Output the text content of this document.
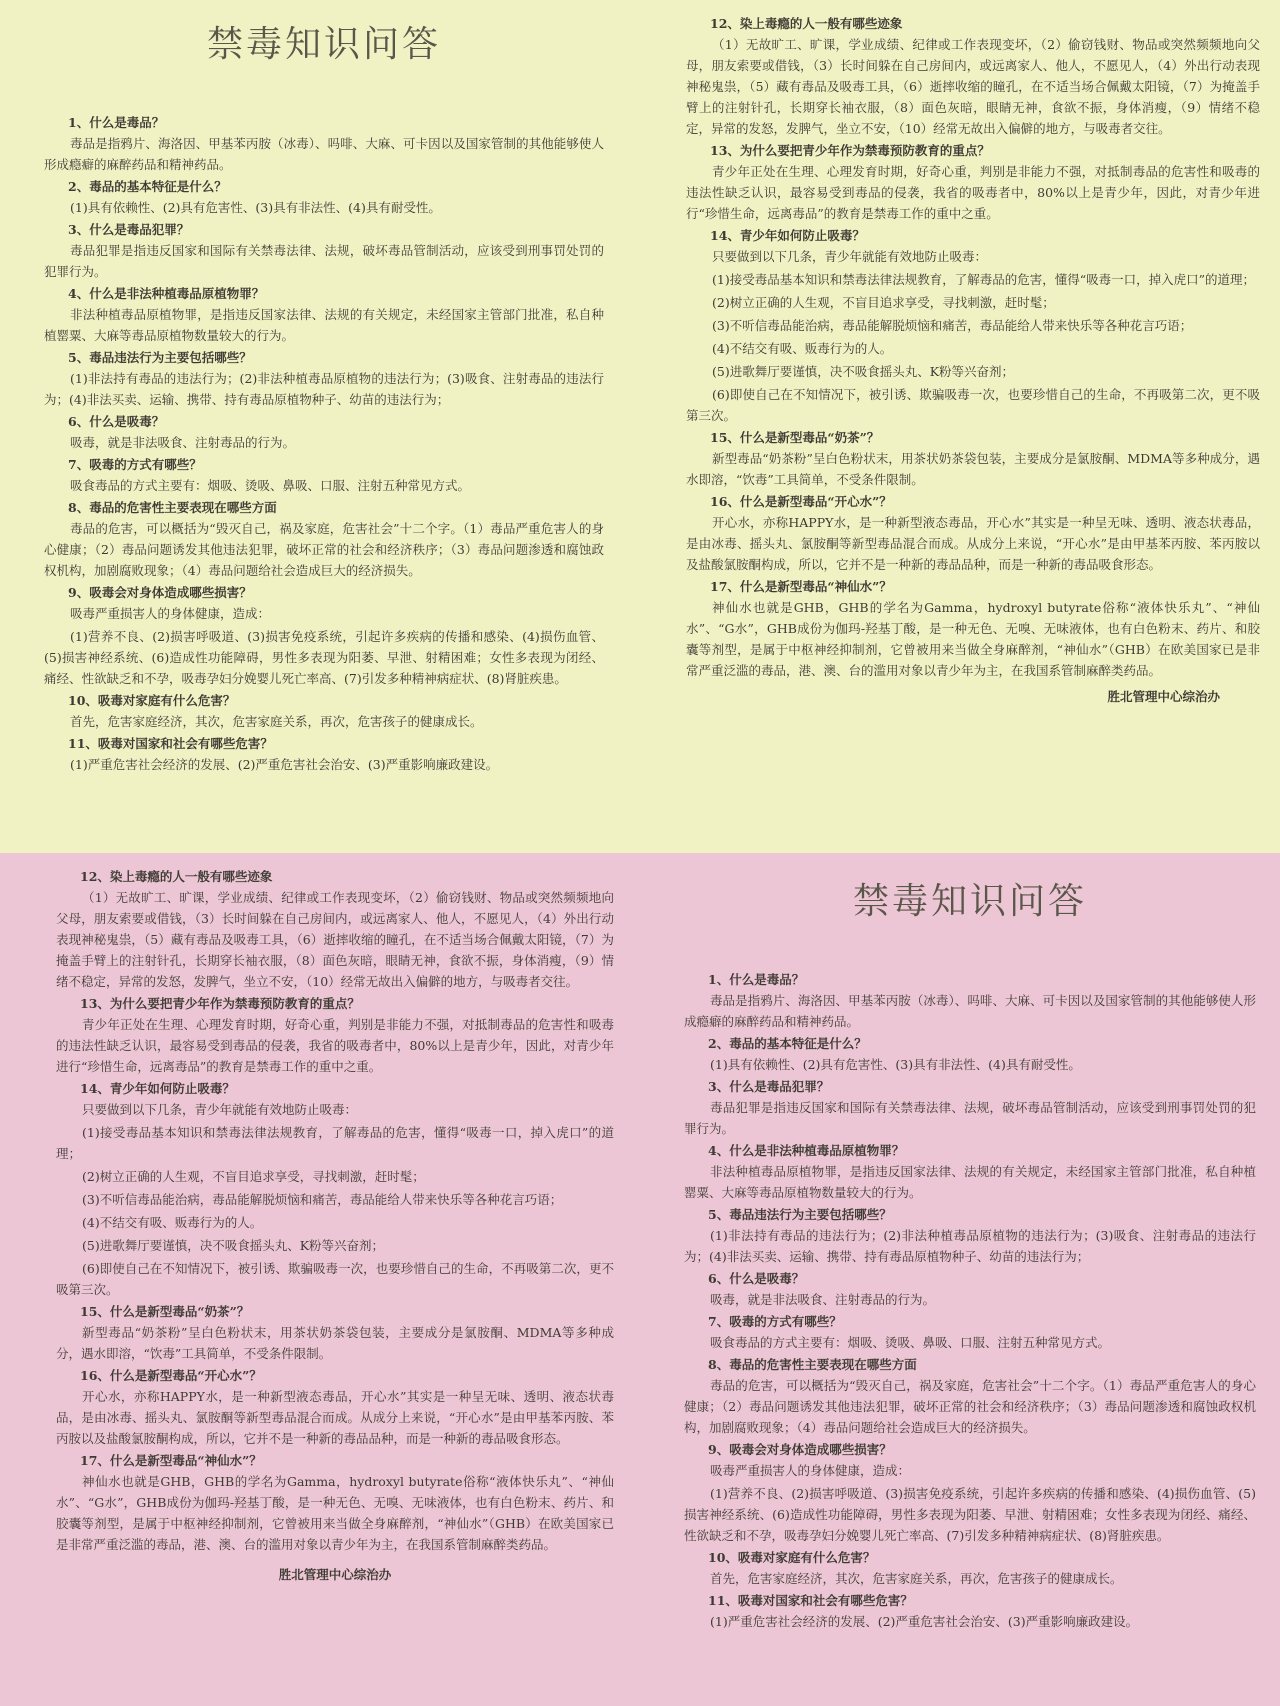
禁毒知识问答

1、什么是毒品？

毒品是指鸦片、海洛因、甲基苯丙胺（冰毒）、吗啡、大麻、可卡因以及国家管制的其他能够使人形成瘾癖的麻醉药品和精神药品。

2、毒品的基本特征是什么？

(1)具有依赖性、(2)具有危害性、(3)具有非法性、(4)具有耐受性。

3、什么是毒品犯罪？

毒品犯罪是指违反国家和国际有关禁毒法律、法规，破坏毒品管制活动，应该受到刑事罚处罚的犯罪行为。

4、什么是非法种植毒品原植物罪？

非法种植毒品原植物罪，是指违反国家法律、法规的有关规定，未经国家主管部门批准，私自种植罂粟、大麻等毒品原植物数量较大的行为。

5、毒品违法行为主要包括哪些？

(1)非法持有毒品的违法行为；(2)非法种植毒品原植物的违法行为；(3)吸食、注射毒品的违法行为；(4)非法买卖、运输、携带、持有毒品原植物种子、幼苗的违法行为；

6、什么是吸毒？

吸毒，就是非法吸食、注射毒品的行为。

7、吸毒的方式有哪些？

吸食毒品的方式主要有：烟吸、烫吸、鼻吸、口服、注射五种常见方式。

8、毒品的危害性主要表现在哪些方面

毒品的危害，可以概括为“毁灭自己，祸及家庭，危害社会”十二个字。（1）毒品严重危害人的身心健康；（2）毒品问题诱发其他违法犯罪，破坏正常的社会和经济秩序；（3）毒品问题渗透和腐蚀政权机构，加剧腐败现象；（4）毒品问题给社会造成巨大的经济损失。

9、吸毒会对身体造成哪些损害？

吸毒严重损害人的身体健康，造成：

(1)营养不良、(2)损害呼吸道、(3)损害免疫系统，引起许多疾病的传播和感染、(4)损伤血管、(5)损害神经系统、(6)造成性功能障碍，男性多表现为阳萎、早泄、射精困难；女性多表现为闭经、痛经、性欲缺乏和不孕，吸毒孕妇分娩婴儿死亡率高、(7)引发多种精神病症状、(8)肾脏疾患。

10、吸毒对家庭有什么危害？

首先，危害家庭经济，其次，危害家庭关系，再次，危害孩子的健康成长。

11、吸毒对国家和社会有哪些危害？

(1)严重危害社会经济的发展、(2)严重危害社会治安、(3)严重影响廉政建设。

12、染上毒瘾的人一般有哪些迹象

（1）无故旷工、旷课，学业成绩、纪律或工作表现变坏，（2）偷窃钱财、物品或突然频频地向父母，朋友索要或借钱，（3）长时间躲在自己房间内，或远离家人、他人，不愿见人，（4）外出行动表现神秘鬼祟，（5）藏有毒品及吸毒工具，（6）逝摔收缩的瞳孔，在不适当场合佩戴太阳镜，（7）为掩盖手臂上的注射针孔，长期穿长袖衣服，（8）面色灰暗，眼睛无神，食欲不振，身体消瘦，（9）情绪不稳定，异常的发怒，发脾气，坐立不安，（10）经常无故出入偏僻的地方，与吸毒者交往。

13、为什么要把青少年作为禁毒预防教育的重点？

青少年正处在生理、心理发育时期，好奇心重，判别是非能力不强，对抵制毒品的危害性和吸毒的违法性缺乏认识，最容易受到毒品的侵袭，我省的吸毒者中，80%以上是青少年，因此，对青少年进行“珍惜生命，远离毒品”的教育是禁毒工作的重中之重。

14、青少年如何防止吸毒？

只要做到以下几条，青少年就能有效地防止吸毒：

(1)接受毒品基本知识和禁毒法律法规教育，了解毒品的危害，懂得“吸毒一口，掉入虎口”的道理；

(2)树立正确的人生观，不盲目追求享受，寻找刺激，赶时髦；

(3)不听信毒品能治病，毒品能解脱烦恼和痛苦，毒品能给人带来快乐等各种花言巧语；

(4)不结交有吸、贩毒行为的人。

(5)进歌舞厅要谨慎，决不吸食摇头丸、K粉等兴奋剂；

(6)即使自己在不知情况下，被引诱、欺骗吸毒一次，也要珍惜自己的生命，不再吸第二次，更不吸第三次。

15、什么是新型毒品“奶茶”？

新型毒品“奶茶粉”呈白色粉状末，用茶状奶茶袋包装，主要成分是氯胺酮、MDMA等多种成分，遇水即溶，“饮毒”工具简单，不受条件限制。

16、什么是新型毒品“开心水”？

开心水，亦称HAPPY水，是一种新型液态毒品，开心水”其实是一种呈无味、透明、液态状毒品，是由冰毒、摇头丸、氯胺酮等新型毒品混合而成。从成分上来说，“开心水”是由甲基苯丙胺、苯丙胺以及盐酸氯胺酮构成，所以，它并不是一种新的毒品品种，而是一种新的毒品吸食形态。

17、什么是新型毒品“神仙水”？

神仙水也就是GHB，GHB的学名为Gamma，hydroxyl butyrate俗称“液体快乐丸”、“神仙水”、“G水”，GHB成份为伽玛-羟基丁酸，是一种无色、无嗅、无味液体，也有白色粉末、药片、和胶囊等剂型，是属于中枢神经抑制剂，它曾被用来当做全身麻醉剂，“神仙水”（GHB）在欧美国家已是非常严重泛滥的毒品，港、澳、台的滥用对象以青少年为主，在我国系管制麻醉类药品。

胜北管理中心综治办

12、染上毒瘾的人一般有哪些迹象

（1）无故旷工、旷课，学业成绩、纪律或工作表现变坏，（2）偷窃钱财、物品或突然频频地向父母，朋友索要或借钱，（3）长时间躲在自己房间内，或远离家人、他人，不愿见人，（4）外出行动表现神秘鬼祟，（5）藏有毒品及吸毒工具，（6）逝摔收缩的瞳孔，在不适当场合佩戴太阳镜，（7）为掩盖手臂上的注射针孔，长期穿长袖衣服，（8）面色灰暗，眼睛无神，食欲不振，身体消瘦，（9）情绪不稳定，异常的发怒，发脾气，坐立不安，（10）经常无故出入偏僻的地方，与吸毒者交往。

13、为什么要把青少年作为禁毒预防教育的重点？

青少年正处在生理、心理发育时期，好奇心重，判别是非能力不强，对抵制毒品的危害性和吸毒的违法性缺乏认识，最容易受到毒品的侵袭，我省的吸毒者中，80%以上是青少年，因此，对青少年进行“珍惜生命，远离毒品”的教育是禁毒工作的重中之重。

14、青少年如何防止吸毒？

只要做到以下几条，青少年就能有效地防止吸毒：

(1)接受毒品基本知识和禁毒法律法规教育，了解毒品的危害，懂得“吸毒一口，掉入虎口”的道理；

(2)树立正确的人生观，不盲目追求享受，寻找刺激，赶时髦；

(3)不听信毒品能治病，毒品能解脱烦恼和痛苦，毒品能给人带来快乐等各种花言巧语；

(4)不结交有吸、贩毒行为的人。

(5)进歌舞厅要谨慎，决不吸食摇头丸、K粉等兴奋剂；

(6)即使自己在不知情况下，被引诱、欺骗吸毒一次，也要珍惜自己的生命，不再吸第二次，更不吸第三次。

15、什么是新型毒品“奶茶”？

新型毒品“奶茶粉”呈白色粉状末，用茶状奶茶袋包装，主要成分是氯胺酮、MDMA等多种成分，遇水即溶，“饮毒”工具简单，不受条件限制。

16、什么是新型毒品“开心水”？

开心水，亦称HAPPY水，是一种新型液态毒品，开心水”其实是一种呈无味、透明、液态状毒品，是由冰毒、摇头丸、氯胺酮等新型毒品混合而成。从成分上来说，“开心水”是由甲基苯丙胺、苯丙胺以及盐酸氯胺酮构成，所以，它并不是一种新的毒品品种，而是一种新的毒品吸食形态。

17、什么是新型毒品“神仙水”？

神仙水也就是GHB，GHB的学名为Gamma，hydroxyl butyrate俗称“液体快乐丸”、“神仙水”、“G水”，GHB成份为伽玛-羟基丁酸，是一种无色、无嗅、无味液体，也有白色粉末、药片、和胶囊等剂型，是属于中枢神经抑制剂，它曾被用来当做全身麻醉剂，“神仙水”（GHB）在欧美国家已是非常严重泛滥的毒品，港、澳、台的滥用对象以青少年为主，在我国系管制麻醉类药品。

胜北管理中心综治办
禁毒知识问答

1、什么是毒品？

毒品是指鸦片、海洛因、甲基苯丙胺（冰毒）、吗啡、大麻、可卡因以及国家管制的其他能够使人形成瘾癖的麻醉药品和精神药品。

2、毒品的基本特征是什么？

(1)具有依赖性、(2)具有危害性、(3)具有非法性、(4)具有耐受性。

3、什么是毒品犯罪？

毒品犯罪是指违反国家和国际有关禁毒法律、法规，破坏毒品管制活动，应该受到刑事罚处罚的犯罪行为。

4、什么是非法种植毒品原植物罪？

非法种植毒品原植物罪，是指违反国家法律、法规的有关规定，未经国家主管部门批准，私自种植罂粟、大麻等毒品原植物数量较大的行为。

5、毒品违法行为主要包括哪些？

(1)非法持有毒品的违法行为；(2)非法种植毒品原植物的违法行为；(3)吸食、注射毒品的违法行为；(4)非法买卖、运输、携带、持有毒品原植物种子、幼苗的违法行为；

6、什么是吸毒？

吸毒，就是非法吸食、注射毒品的行为。

7、吸毒的方式有哪些？

吸食毒品的方式主要有：烟吸、烫吸、鼻吸、口服、注射五种常见方式。

8、毒品的危害性主要表现在哪些方面

毒品的危害，可以概括为“毁灭自己，祸及家庭，危害社会”十二个字。（1）毒品严重危害人的身心健康；（2）毒品问题诱发其他违法犯罪，破坏正常的社会和经济秩序；（3）毒品问题渗透和腐蚀政权机构，加剧腐败现象；（4）毒品问题给社会造成巨大的经济损失。

9、吸毒会对身体造成哪些损害？

吸毒严重损害人的身体健康，造成：

(1)营养不良、(2)损害呼吸道、(3)损害免疫系统，引起许多疾病的传播和感染、(4)损伤血管、(5)损害神经系统、(6)造成性功能障碍，男性多表现为阳萎、早泄、射精困难；女性多表现为闭经、痛经、性欲缺乏和不孕，吸毒孕妇分娩婴儿死亡率高、(7)引发多种精神病症状、(8)肾脏疾患。

10、吸毒对家庭有什么危害？

首先，危害家庭经济，其次，危害家庭关系，再次，危害孩子的健康成长。

11、吸毒对国家和社会有哪些危害？

(1)严重危害社会经济的发展、(2)严重危害社会治安、(3)严重影响廉政建设。
